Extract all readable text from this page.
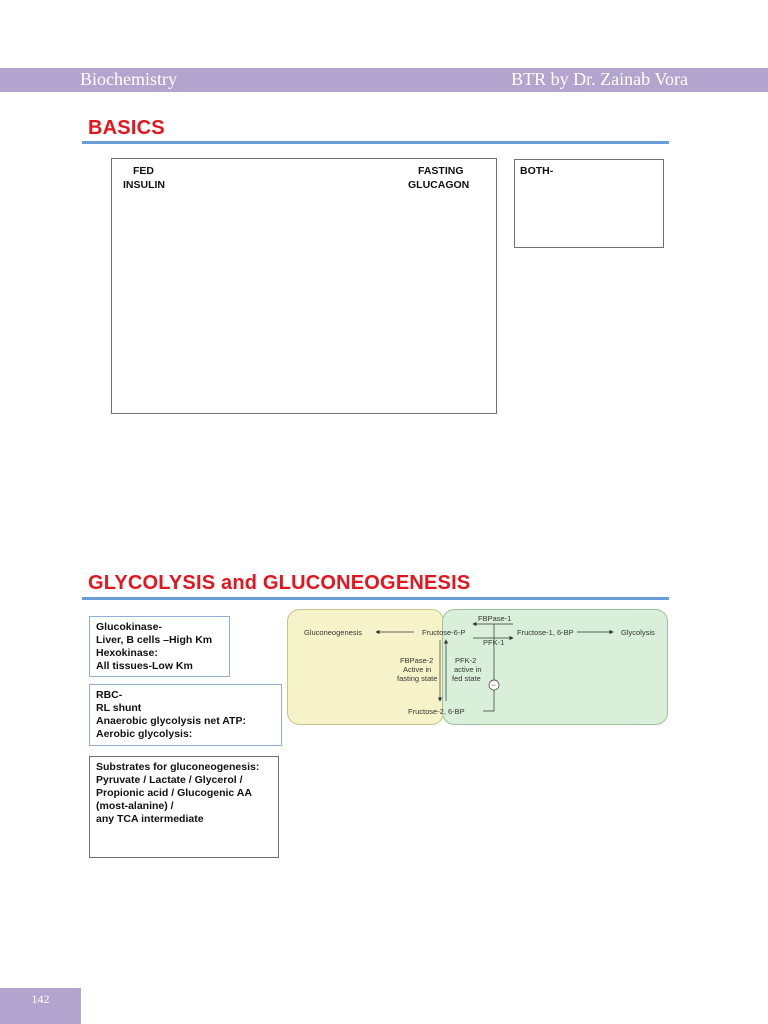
Biochemistry	BTR by Dr. Zainab Vora
BASICS
FED
INSULIN
FASTING
GLUCAGON
BOTH-
GLYCOLYSIS and GLUCONEOGENESIS
Glucokinase-
Liver, B cells –High Km
Hexokinase:
All tissues-Low Km
RBC-
RL shunt
Anaerobic glycolysis net ATP:
Aerobic glycolysis:
Substrates for gluconeogenesis:
Pyruvate / Lactate / Glycerol /
Propionic acid / Glucogenic AA
(most-alanine) /
any TCA intermediate
Gluconeogenesis	Fructose-6-P
FBPase-1
PFK-1
Fructose-1, 6-BP	Glycolysis
FBPase-2
Active in
fasting state
PFK-2
active in
fed state
Fructose-2, 6-BP
−
142
